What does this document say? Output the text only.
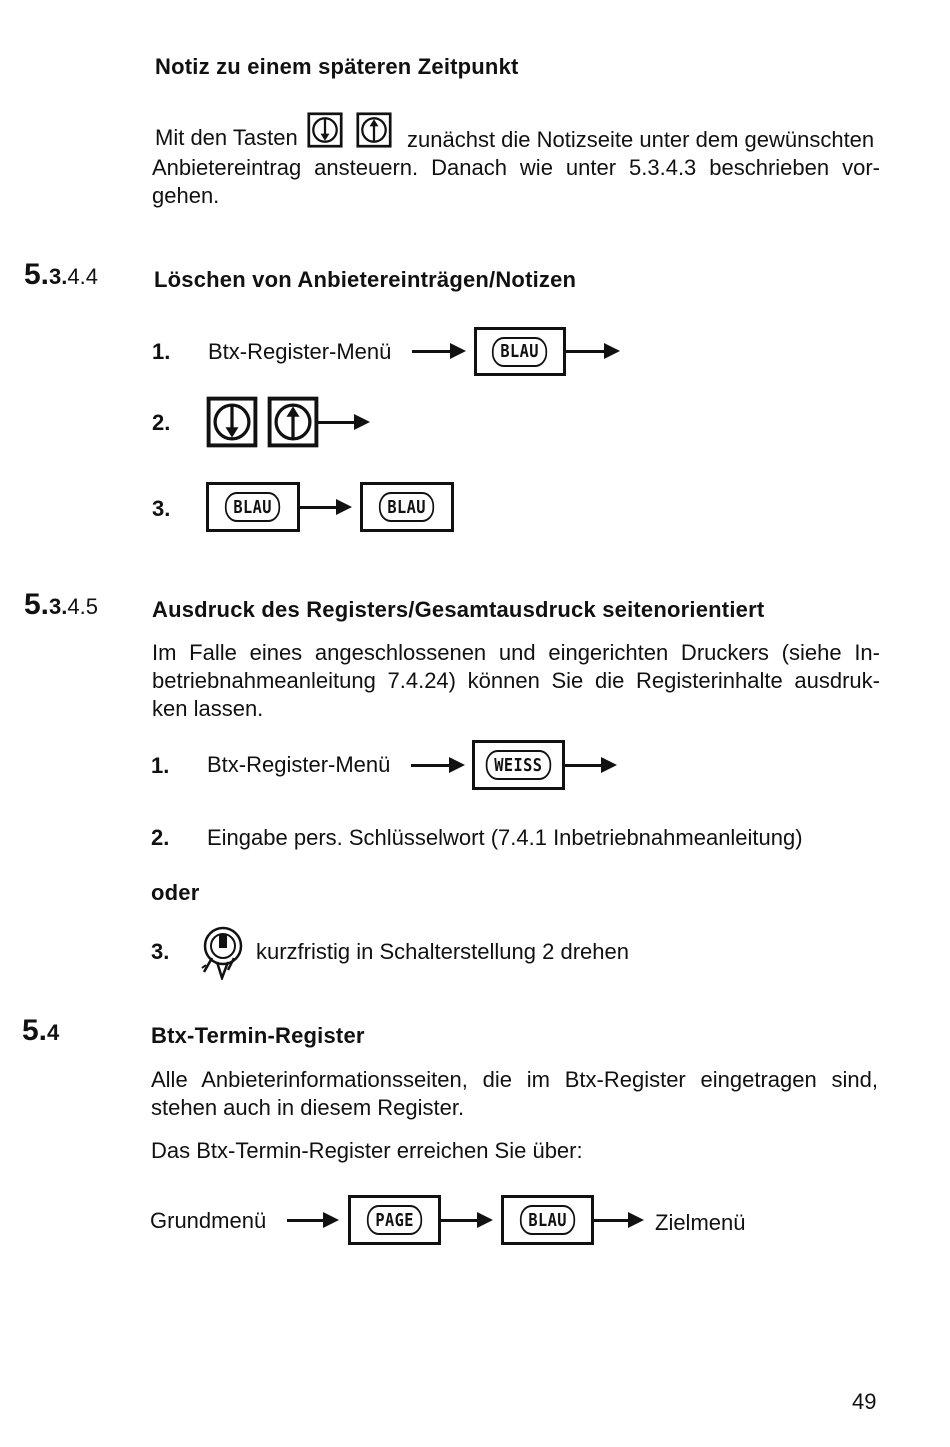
Notiz zu einem späteren Zeitpunkt
Mit den Tasten	zunächst die Notizseite unter dem gewünschten
Anbietereintrag ansteuern. Danach wie unter 5.3.4.3 beschrieben vor-gehen.
5.3.4.4	Löschen von Anbietereinträgen/Notizen
1. Btx-Register-Menü	BLAU
2.
3.	BLAU	BLAU
5.3.4.5 Ausdruck des Registers/Gesamtausdruck seitenorientiert
Im Falle eines angeschlossenen und eingerichten Druckers (siehe In-betriebnahmeanleitung 7.4.24) können Sie die Registerinhalte ausdruk-ken lassen.
1. Btx-Register-Menü	WEISS
2. Eingabe pers. Schlüsselwort (7.4.1 Inbetriebnahmeanleitung)
oder
3.	kurzfristig in Schalterstellung 2 drehen
5.4	Btx-Termin-Register
Alle Anbieterinformationsseiten, die im Btx-Register eingetragen sind, stehen auch in diesem Register.
Das Btx-Termin-Register erreichen Sie über:
Grundmenü	PAGE	BLAU	Zielmenü
49
